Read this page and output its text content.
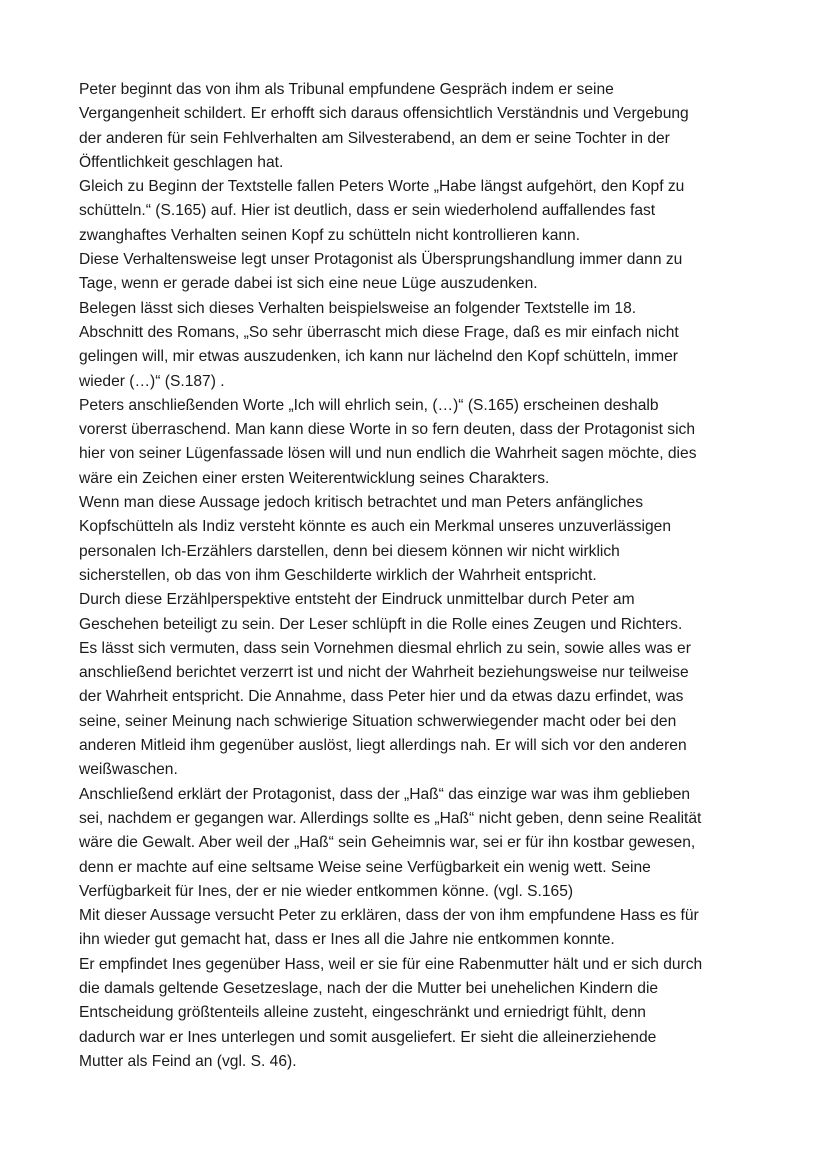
Peter beginnt das von ihm als Tribunal empfundene Gespräch indem er seine
Vergangenheit schildert. Er erhofft sich daraus offensichtlich Verständnis und Vergebung
der anderen für sein Fehlverhalten am Silvesterabend, an dem er seine Tochter in der
Öffentlichkeit geschlagen hat.
Gleich zu Beginn der Textstelle fallen Peters Worte „Habe längst aufgehört, den Kopf zu
schütteln.“ (S.165) auf. Hier ist deutlich, dass er sein wiederholend auffallendes fast
zwanghaftes Verhalten seinen Kopf zu schütteln nicht kontrollieren kann.
Diese Verhaltensweise legt unser Protagonist als Übersprungshandlung immer dann zu
Tage, wenn er gerade dabei ist sich eine neue Lüge auszudenken.
Belegen lässt sich dieses Verhalten beispielsweise an folgender Textstelle im 18.
Abschnitt des Romans, „So sehr überrascht mich diese Frage, daß es mir einfach nicht
gelingen will, mir etwas auszudenken, ich kann nur lächelnd den Kopf schütteln, immer
wieder (…)“ (S.187) .
Peters anschließenden Worte „Ich will ehrlich sein, (…)“ (S.165) erscheinen deshalb
vorerst überraschend. Man kann diese Worte in so fern deuten, dass der Protagonist sich
hier von seiner Lügenfassade lösen will und nun endlich die Wahrheit sagen möchte, dies
wäre ein Zeichen einer ersten Weiterentwicklung seines Charakters.
Wenn man diese Aussage jedoch kritisch betrachtet und man Peters anfängliches
Kopfschütteln als Indiz versteht könnte es auch ein Merkmal unseres unzuverlässigen
personalen Ich-Erzählers darstellen, denn bei diesem können wir nicht wirklich
sicherstellen, ob das von ihm Geschilderte wirklich der Wahrheit entspricht.
Durch diese Erzählperspektive entsteht der Eindruck unmittelbar durch Peter am
Geschehen beteiligt zu sein. Der Leser schlüpft in die Rolle eines Zeugen und Richters.
Es lässt sich vermuten, dass sein Vornehmen diesmal ehrlich zu sein, sowie alles was er
anschließend berichtet verzerrt ist und nicht der Wahrheit beziehungsweise nur teilweise
der Wahrheit entspricht. Die Annahme, dass Peter hier und da etwas dazu erfindet, was
seine, seiner Meinung nach schwierige Situation schwerwiegender macht oder bei den
anderen Mitleid ihm gegenüber auslöst, liegt allerdings nah. Er will sich vor den anderen
weißwaschen.
Anschließend erklärt der Protagonist, dass der „Haß“ das einzige war was ihm geblieben
sei, nachdem er gegangen war. Allerdings sollte es „Haß“ nicht geben, denn seine Realität
wäre die Gewalt. Aber weil der „Haß“ sein Geheimnis war, sei er für ihn kostbar gewesen,
denn er machte auf eine seltsame Weise seine Verfügbarkeit ein wenig wett. Seine
Verfügbarkeit für Ines, der er nie wieder entkommen könne. (vgl. S.165)
Mit dieser Aussage versucht Peter zu erklären, dass der von ihm empfundene Hass es für
ihn wieder gut gemacht hat, dass er Ines all die Jahre nie entkommen konnte.
Er empfindet Ines gegenüber Hass, weil er sie für eine Rabenmutter hält und er sich durch
die damals geltende Gesetzeslage, nach der die Mutter bei unehelichen Kindern die
Entscheidung größtenteils alleine zusteht, eingeschränkt und erniedrigt fühlt, denn
dadurch war er Ines unterlegen und somit ausgeliefert. Er sieht die alleinerziehende
Mutter als Feind an (vgl. S. 46).
